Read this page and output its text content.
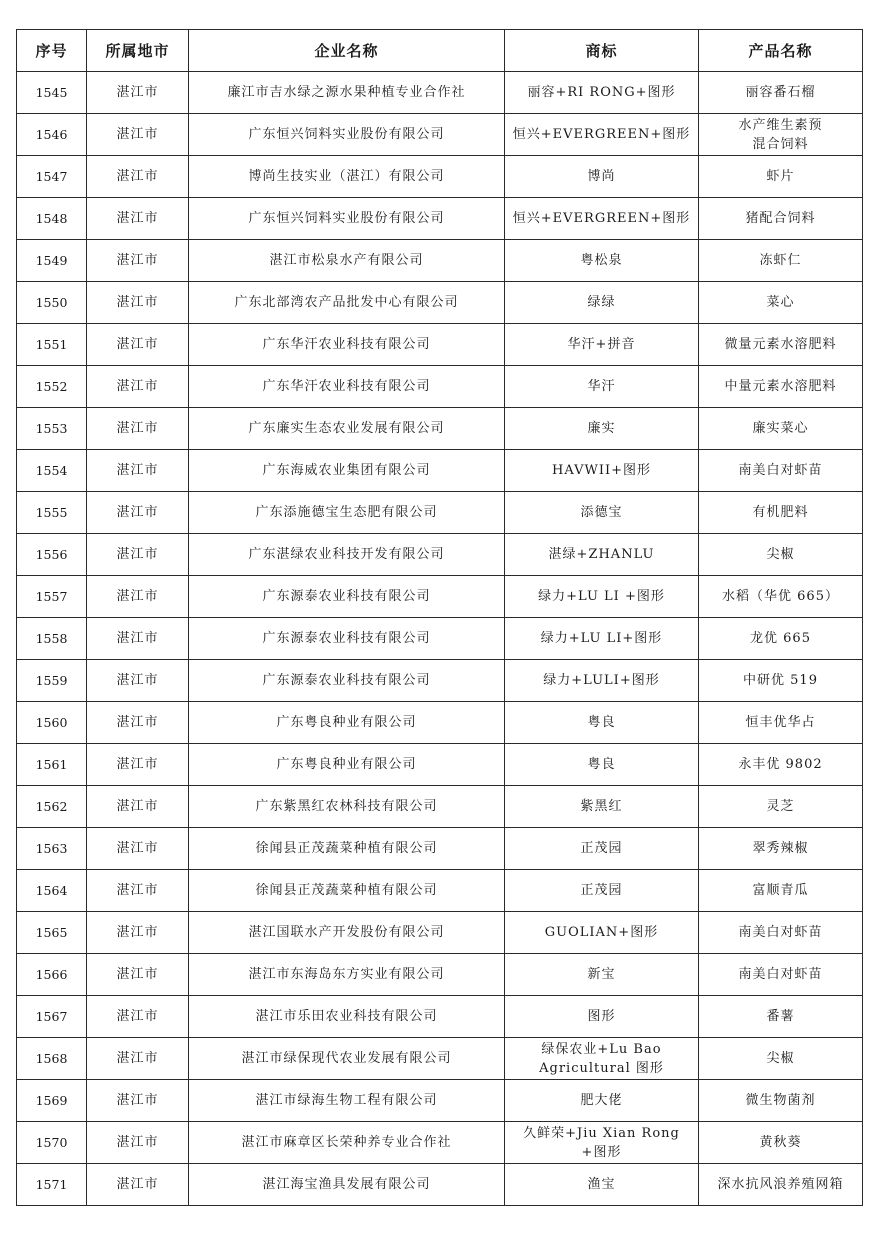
序号	所属地市	企业名称	商标	产品名称
1545	湛江市	廉江市吉水绿之源水果种植专业合作社	丽容+RI RONG+图形	丽容番石榴
1546	湛江市	广东恒兴饲料实业股份有限公司	恒兴+EVERGREEN+图形	水产维生素预
混合饲料
1547	湛江市	博尚生技实业（湛江）有限公司	博尚	虾片
1548	湛江市	广东恒兴饲料实业股份有限公司	恒兴+EVERGREEN+图形	猪配合饲料
1549	湛江市	湛江市松泉水产有限公司	粤松泉	冻虾仁
1550	湛江市	广东北部湾农产品批发中心有限公司	绿绿	菜心
1551	湛江市	广东华汗农业科技有限公司	华汗+拼音	微量元素水溶肥料
1552	湛江市	广东华汗农业科技有限公司	华汗	中量元素水溶肥料
1553	湛江市	广东廉实生态农业发展有限公司	廉实	廉实菜心
1554	湛江市	广东海威农业集团有限公司	HAVWII+图形	南美白对虾苗
1555	湛江市	广东添施德宝生态肥有限公司	添德宝	有机肥料
1556	湛江市	广东湛绿农业科技开发有限公司	湛绿+ZHANLU	尖椒
1557	湛江市	广东源泰农业科技有限公司	绿力+LU LI +图形	水稻（华优 665）
1558	湛江市	广东源泰农业科技有限公司	绿力+LU LI+图形	龙优 665
1559	湛江市	广东源泰农业科技有限公司	绿力+LULI+图形	中研优 519
1560	湛江市	广东粤良种业有限公司	粤良	恒丰优华占
1561	湛江市	广东粤良种业有限公司	粤良	永丰优 9802
1562	湛江市	广东紫黑红农林科技有限公司	紫黑红	灵芝
1563	湛江市	徐闻县正茂蔬菜种植有限公司	正茂园	翠秀辣椒
1564	湛江市	徐闻县正茂蔬菜种植有限公司	正茂园	富顺青瓜
1565	湛江市	湛江国联水产开发股份有限公司	GUOLIAN+图形	南美白对虾苗
1566	湛江市	湛江市东海岛东方实业有限公司	新宝	南美白对虾苗
1567	湛江市	湛江市乐田农业科技有限公司	图形	番薯
1568	湛江市	湛江市绿保现代农业发展有限公司	绿保农业+Lu Bao
Agricultural 图形	尖椒
1569	湛江市	湛江市绿海生物工程有限公司	肥大佬	微生物菌剂
1570	湛江市	湛江市麻章区长荣种养专业合作社	久鲜荣+Jiu Xian Rong
+图形	黄秋葵
1571	湛江市	湛江海宝渔具发展有限公司	渔宝	深水抗风浪养殖网箱
